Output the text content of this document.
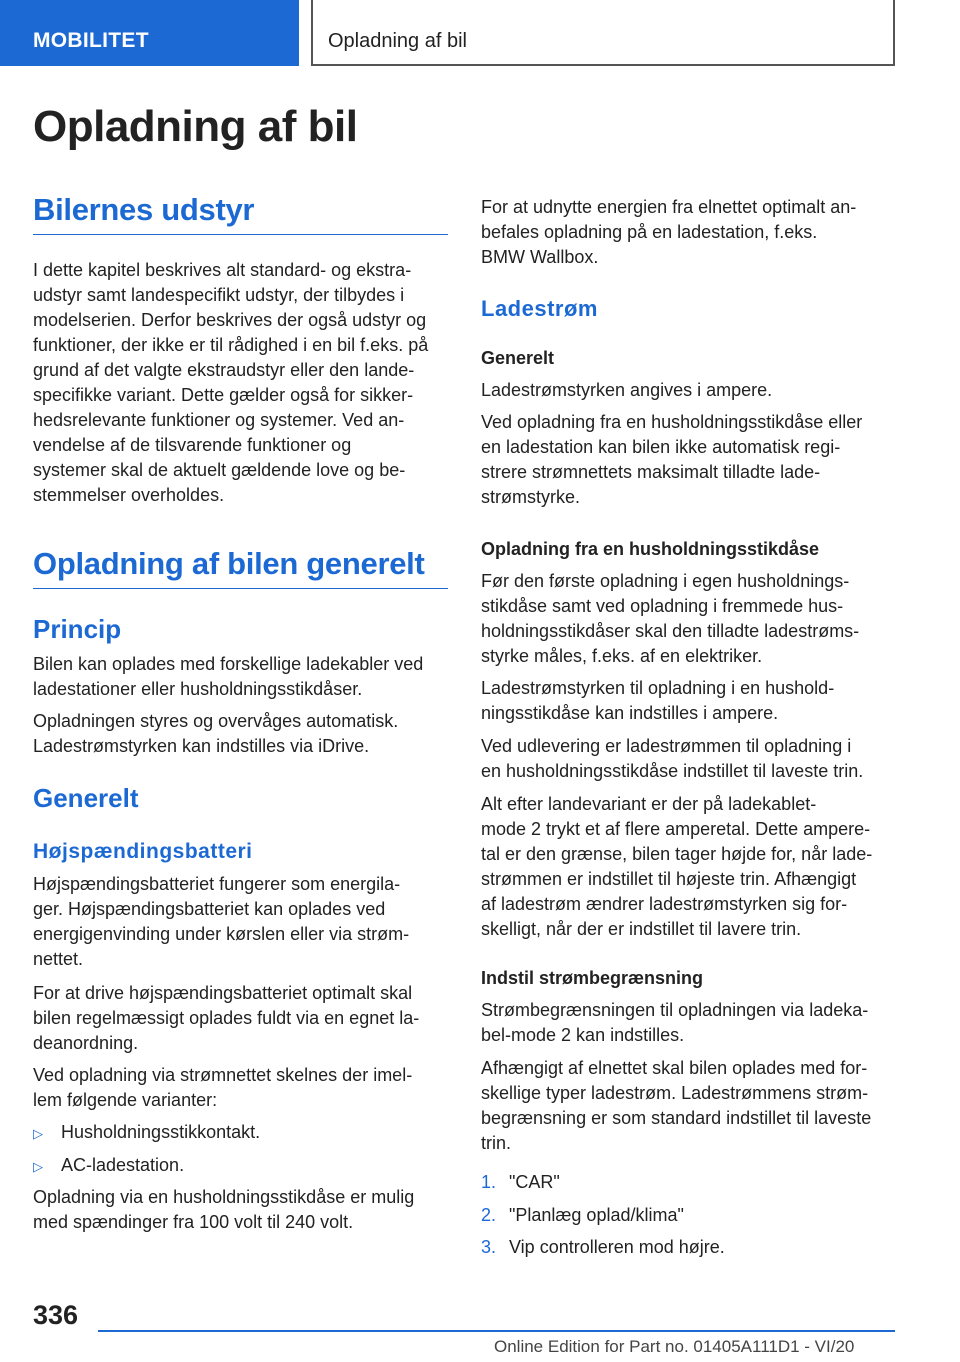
MOBILITET	Opladning af bil
Opladning af bil
Bilernes udstyr
I dette kapitel beskrives alt standard- og ekstra-
udstyr samt landespecifikt udstyr, der tilbydes i
modelserien. Derfor beskrives der også udstyr og
funktioner, der ikke er til rådighed i en bil f.eks. på
grund af det valgte ekstraudstyr eller den lande-
specifikke variant. Dette gælder også for sikker-
hedsrelevante funktioner og systemer. Ved an-
vendelse af de tilsvarende funktioner og
systemer skal de aktuelt gældende love og be-
stemmelser overholdes.
Opladning af bilen generelt
Princip
Bilen kan oplades med forskellige ladekabler ved
ladestationer eller husholdningsstikdåser.
Opladningen styres og overvåges automatisk.
Ladestrømstyrken kan indstilles via iDrive.
Generelt
Højspændingsbatteri
Højspændingsbatteriet fungerer som energila-
ger. Højspændingsbatteriet kan oplades ved
energigenvinding under kørslen eller via strøm-
nettet.
For at drive højspændingsbatteriet optimalt skal
bilen regelmæssigt oplades fuldt via en egnet la-
deanordning.
Ved opladning via strømnettet skelnes der imel-
lem følgende varianter:
▷ Husholdningsstikkontakt.
▷ AC-ladestation.
Opladning via en husholdningsstikdåse er mulig
med spændinger fra 100 volt til 240 volt.
For at udnytte energien fra elnettet optimalt an-
befales opladning på en ladestation, f.eks.
BMW Wallbox.
Ladestrøm
Generelt
Ladestrømstyrken angives i ampere.
Ved opladning fra en husholdningsstikdåse eller
en ladestation kan bilen ikke automatisk regi-
strere strømnettets maksimalt tilladte lade-
strømstyrke.
Opladning fra en husholdningsstikdåse
Før den første opladning i egen husholdnings-
stikdåse samt ved opladning i fremmede hus-
holdningsstikdåser skal den tilladte ladestrøms-
styrke måles, f.eks. af en elektriker.
Ladestrømstyrken til opladning i en hushold-
ningsstikdåse kan indstilles i ampere.
Ved udlevering er ladestrømmen til opladning i
en husholdningsstikdåse indstillet til laveste trin.
Alt efter landevariant er der på ladekablet-
mode 2 trykt et af flere amperetal. Dette ampere-
tal er den grænse, bilen tager højde for, når lade-
strømmen er indstillet til højeste trin. Afhængigt
af ladestrøm ændrer ladestrømstyrken sig for-
skelligt, når der er indstillet til lavere trin.
Indstil strømbegrænsning
Strømbegrænsningen til opladningen via ladeka-
bel-mode 2 kan indstilles.
Afhængigt af elnettet skal bilen oplades med for-
skellige typer ladestrøm. Ladestrømmens strøm-
begrænsning er som standard indstillet til laveste
trin.
1. "CAR"
2. "Planlæg oplad/klima"
3. Vip controlleren mod højre.
336
Online Edition for Part no. 01405A111D1 - VI/20
